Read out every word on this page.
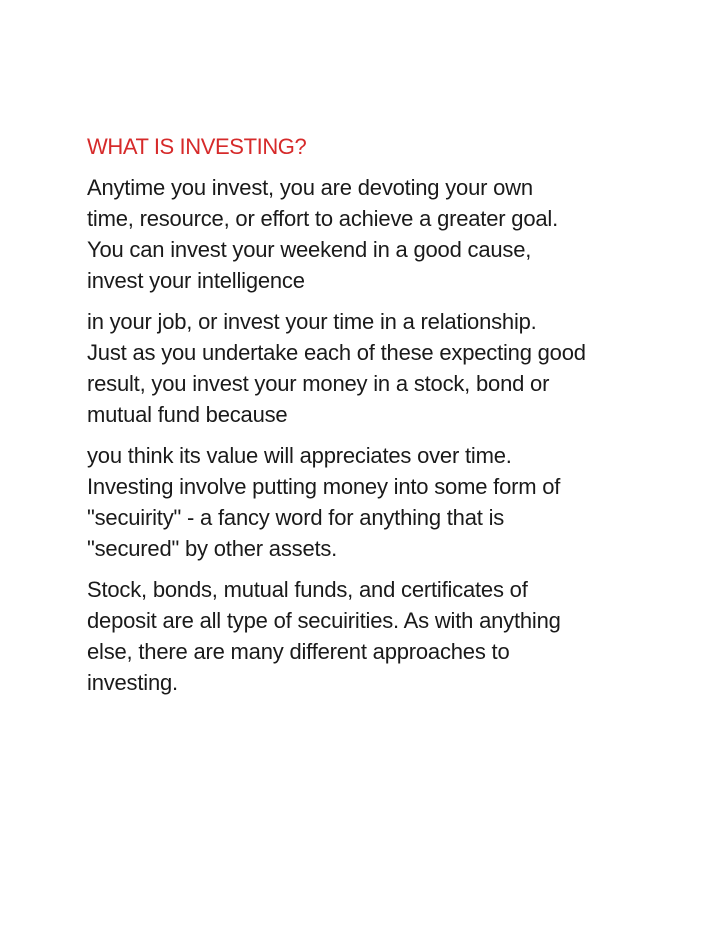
WHAT IS INVESTING?
Anytime you invest, you are devoting your own
time, resource, or effort to achieve a greater goal.
You can invest your weekend in a good cause,
invest your intelligence
in your job, or invest your time in a relationship.
Just as you undertake each of these expecting good
result, you invest your money in a stock, bond or
mutual fund because
you think its value will appreciates over time.
Investing involve putting money into some form of
"secuirity" - a fancy word for anything that is
"secured" by other assets.
Stock, bonds, mutual funds, and certificates of
deposit are all type of secuirities. As with anything
else, there are many different approaches to
investing.
